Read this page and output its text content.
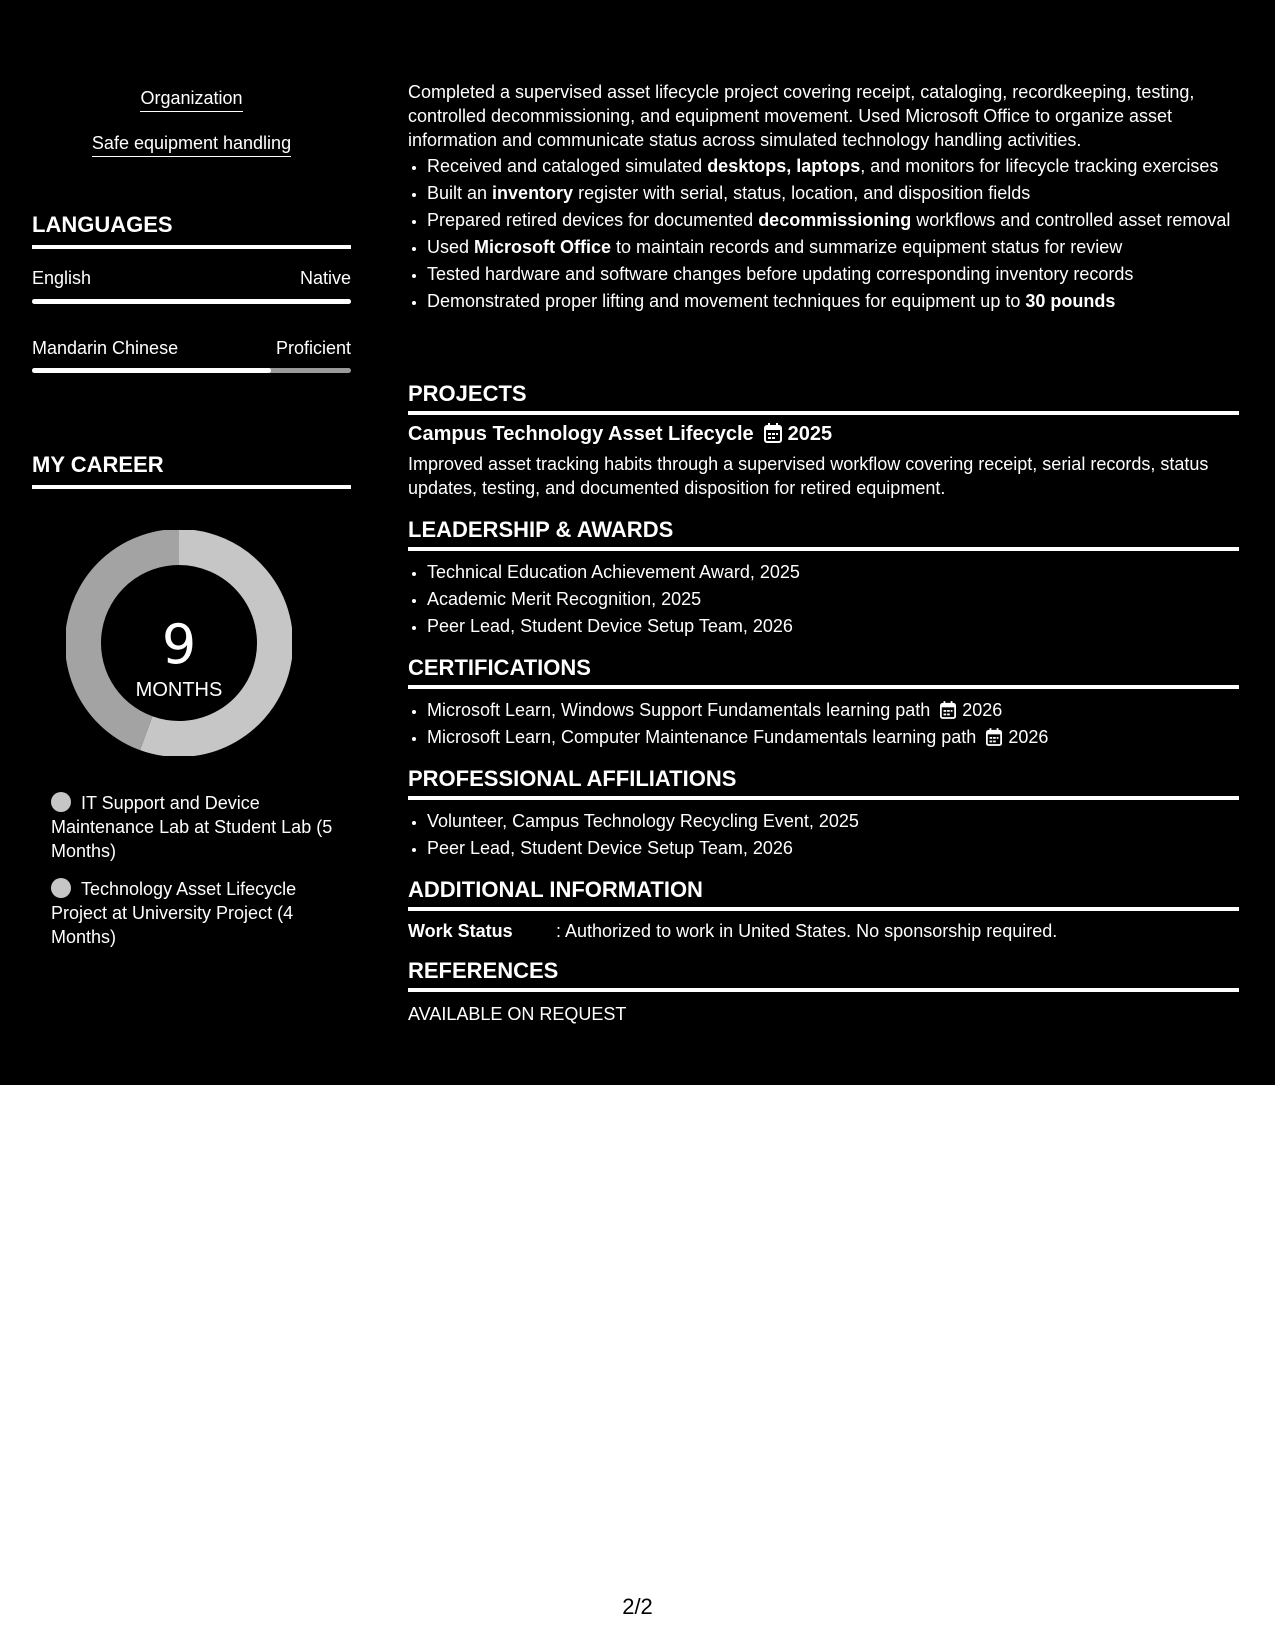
Organization
Safe equipment handling
LANGUAGES
English	Native
Mandarin Chinese	Proficient
MY CAREER
9
MONTHS
IT Support and Device Maintenance Lab at Student Lab (5 Months)
Technology Asset Lifecycle Project at University Project (4 Months)
Completed a supervised asset lifecycle project covering receipt, cataloging, recordkeeping, testing, controlled decommissioning, and equipment movement. Used Microsoft Office to organize asset information and communicate status across simulated technology handling activities.
• Received and cataloged simulated desktops, laptops, and monitors for lifecycle tracking exercises
• Built an inventory register with serial, status, location, and disposition fields
• Prepared retired devices for documented decommissioning workflows and controlled asset removal
• Used Microsoft Office to maintain records and summarize equipment status for review
• Tested hardware and software changes before updating corresponding inventory records
• Demonstrated proper lifting and movement techniques for equipment up to 30 pounds
PROJECTS
Campus Technology Asset Lifecycle 2025
Improved asset tracking habits through a supervised workflow covering receipt, serial records, status updates, testing, and documented disposition for retired equipment.
LEADERSHIP & AWARDS
• Technical Education Achievement Award, 2025
• Academic Merit Recognition, 2025
• Peer Lead, Student Device Setup Team, 2026
CERTIFICATIONS
• Microsoft Learn, Windows Support Fundamentals learning path 2026
• Microsoft Learn, Computer Maintenance Fundamentals learning path 2026
PROFESSIONAL AFFILIATIONS
• Volunteer, Campus Technology Recycling Event, 2025
• Peer Lead, Student Device Setup Team, 2026
ADDITIONAL INFORMATION
Work Status : Authorized to work in United States. No sponsorship required.
REFERENCES
AVAILABLE ON REQUEST
2/2
